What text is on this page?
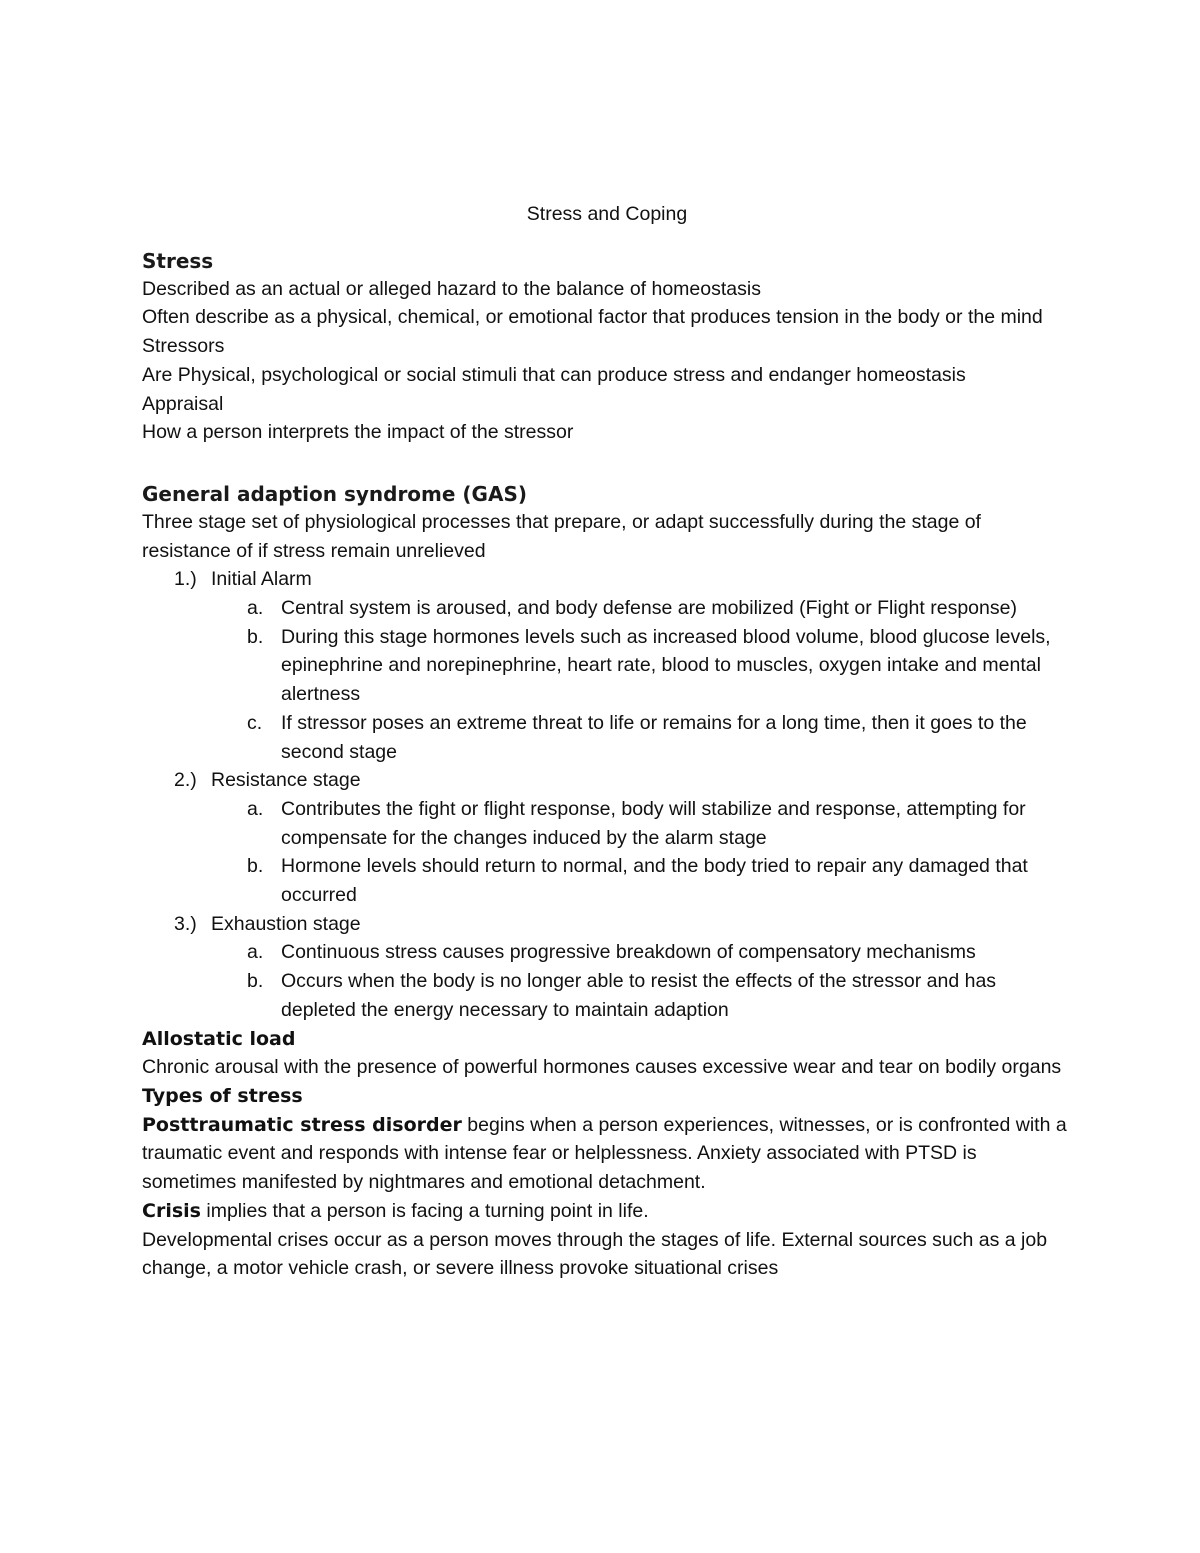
Stress and Coping

Stress

Described as an actual or alleged hazard to the balance of homeostasis

Often describe as a physical, chemical, or emotional factor that produces tension in the body or the mind

Stressors

Are Physical, psychological or social stimuli that can produce stress and endanger homeostasis

Appraisal

How a person interprets the impact of the stressor

General adaption syndrome (GAS)

Three stage set of physiological processes that prepare, or adapt successfully during the stage of resistance of if stress remain unrelieved

1.) Initial Alarm
a. Central system is aroused, and body defense are mobilized (Fight or Flight response)
b. During this stage hormones levels such as increased blood volume, blood glucose levels, epinephrine and norepinephrine, heart rate, blood to muscles, oxygen intake and mental alertness
c. If stressor poses an extreme threat to life or remains for a long time, then it goes to the second stage
2.) Resistance stage
a. Contributes the fight or flight response, body will stabilize and response, attempting for compensate for the changes induced by the alarm stage
b. Hormone levels should return to normal, and the body tried to repair any damaged that occurred
3.) Exhaustion stage
a. Continuous stress causes progressive breakdown of compensatory mechanisms
b. Occurs when the body is no longer able to resist the effects of the stressor and has depleted the energy necessary to maintain adaption

Allostatic load

Chronic arousal with the presence of powerful hormones causes excessive wear and tear on bodily organs

Types of stress

Posttraumatic stress disorder begins when a person experiences, witnesses, or is confronted with a traumatic event and responds with intense fear or helplessness. Anxiety associated with PTSD is sometimes manifested by nightmares and emotional detachment.

Crisis implies that a person is facing a turning point in life.

Developmental crises occur as a person moves through the stages of life. External sources such as a job change, a motor vehicle crash, or severe illness provoke situational crises
